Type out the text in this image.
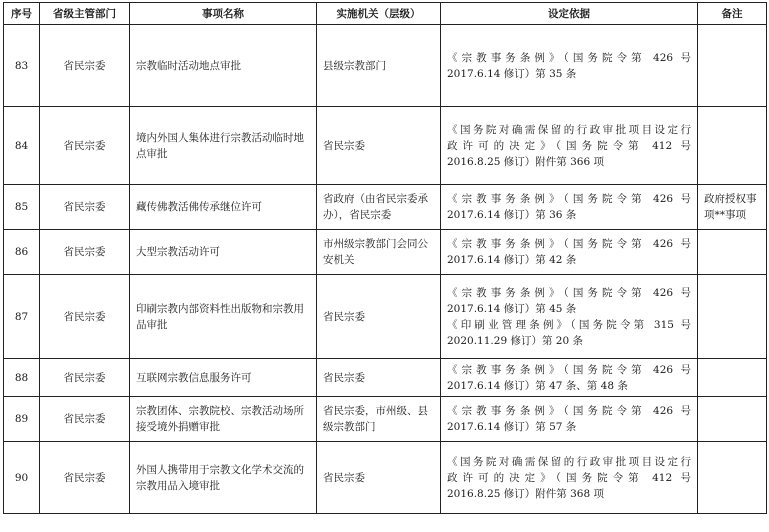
序号	省级主管部门	事项名称	实施机关（层级）	设定依据	备注
83	省民宗委	宗教临时活动地点审批	县级宗教部门	《宗教事务条例》（国务院令第 426 号
2017.6.14 修订）第 35 条	

84	省民宗委	境内外国人集体进行宗教活动临时地点审批	省民宗委	《国务院对确需保留的行政审批项目设定行
政许可的决定》（国务院令第 412 号
2016.8.25 修订）附件第 366 项	

85	省民宗委	藏传佛教活佛传承继位许可	省政府（由省民宗委承办），省民宗委	《宗教事务条例》（国务院令第 426 号
2017.6.14 修订）第 36 条	政府授权事项**事项
86	省民宗委	大型宗教活动许可	市州级宗教部门会同公安机关	《宗教事务条例》（国务院令第 426 号
2017.6.14 修订）第 42 条	

87	省民宗委	印刷宗教内部资料性出版物和宗教用品审批	省民宗委	《宗教事务条例》（国务院令第 426 号
2017.6.14 修订）第 45 条
《印刷业管理条例》（国务院令第 315 号
2020.11.29 修订）第 20 条	

88	省民宗委	互联网宗教信息服务许可	省民宗委	《宗教事务条例》（国务院令第 426 号
2017.6.14 修订）第 47 条、第 48 条	

89	省民宗委	宗教团体、宗教院校、宗教活动场所接受境外捐赠审批	省民宗委，市州级、县级宗教部门	《宗教事务条例》（国务院令第 426 号
2017.6.14 修订）第 57 条	

90	省民宗委	外国人携带用于宗教文化学术交流的宗教用品入境审批	省民宗委	《国务院对确需保留的行政审批项目设定行
政许可的决定》（国务院令第 412 号
2016.8.25 修订）附件第 368 项	
